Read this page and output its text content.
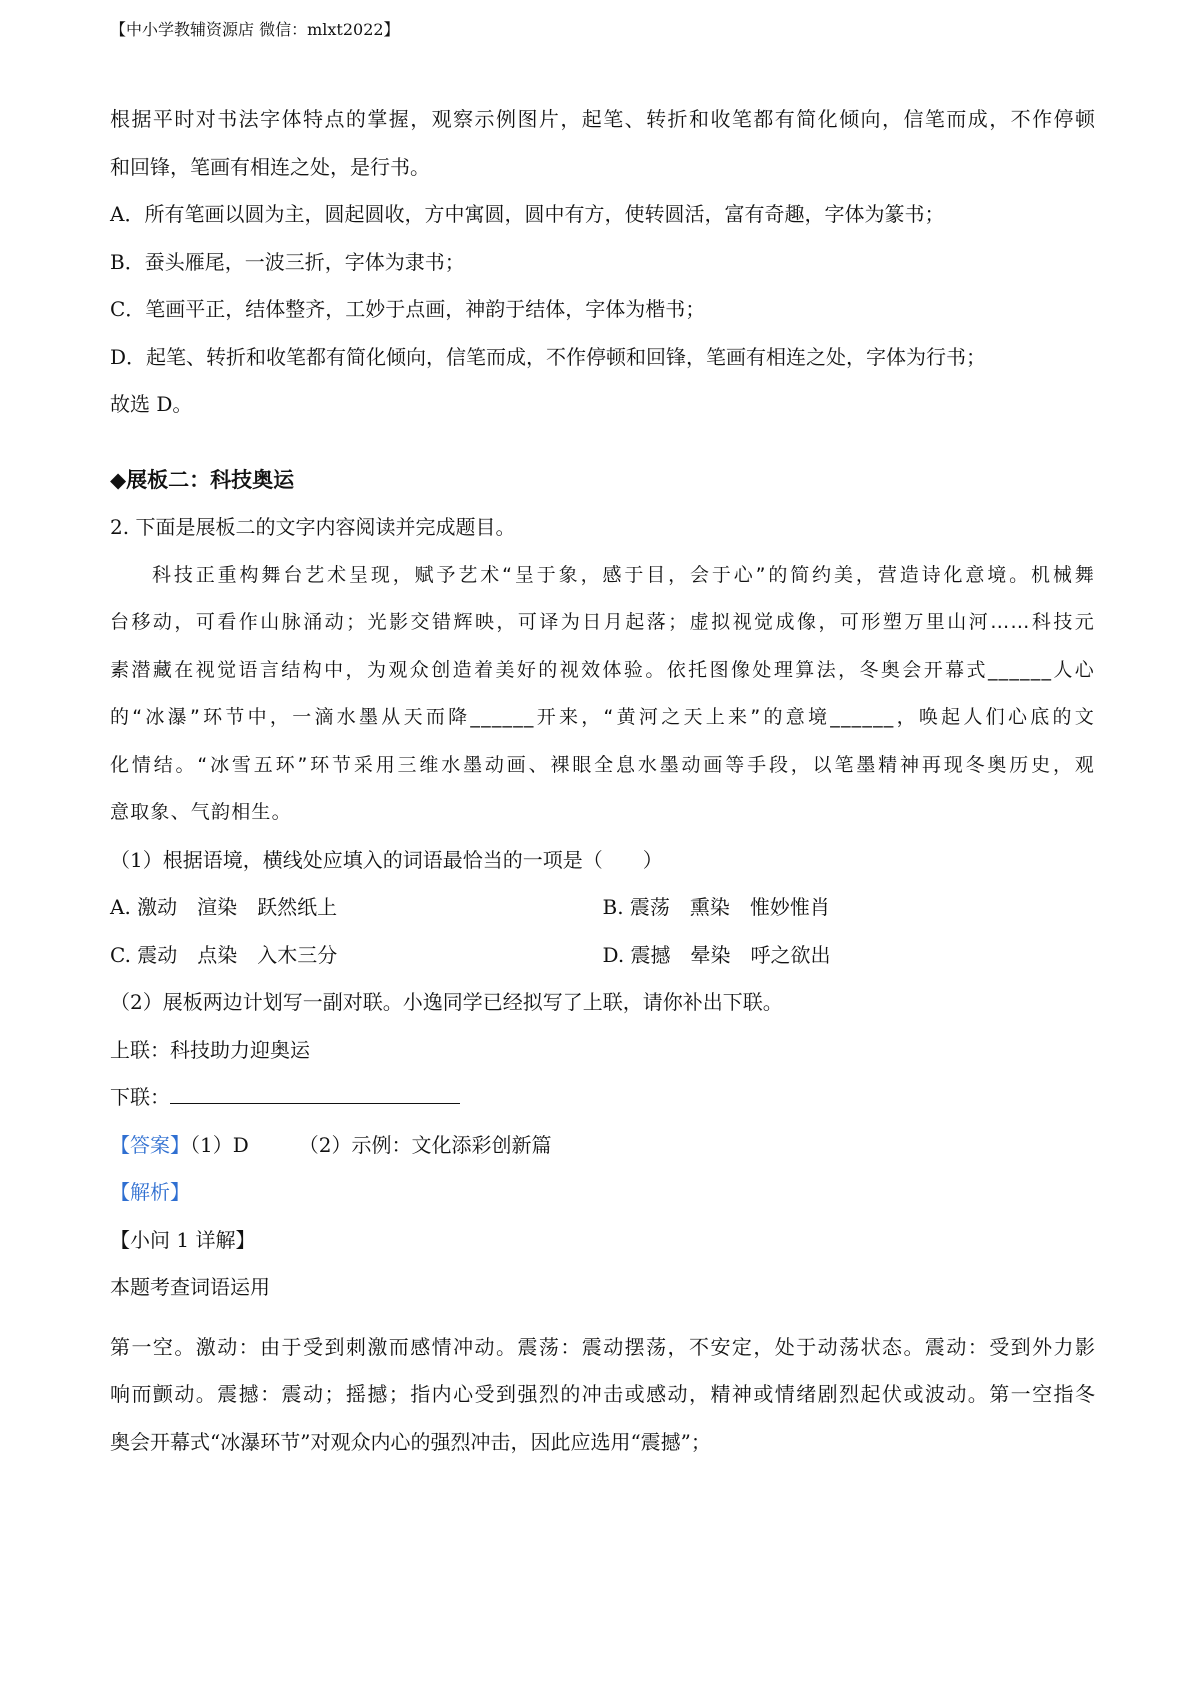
【中小学教辅资源店 微信：mlxt2022】

根据平时对书法字体特点的掌握，观察示例图片，起笔、转折和收笔都有简化倾向，信笔而成，不作停顿

和回锋，笔画有相连之处，是行书。

A．所有笔画以圆为主，圆起圆收，方中寓圆，圆中有方，使转圆活，富有奇趣，字体为篆书；

B．蚕头雁尾，一波三折，字体为隶书；

C．笔画平正，结体整齐，工妙于点画，神韵于结体，字体为楷书；

D．起笔、转折和收笔都有简化倾向，信笔而成，不作停顿和回锋，笔画有相连之处，字体为行书；

故选 D。

◆展板二：科技奥运

2. 下面是展板二的文字内容阅读并完成题目。

科技正重构舞台艺术呈现，赋予艺术“呈于象，感于目，会于心”的简约美，营造诗化意境。机械舞

台移动，可看作山脉涌动；光影交错辉映，可译为日月起落；虚拟视觉成像，可形塑万里山河……科技元

素潜藏在视觉语言结构中，为观众创造着美好的视效体验。依托图像处理算法，冬奥会开幕式______人心

的“冰瀑”环节中，一滴水墨从天而降______开来，“黄河之天上来”的意境______，唤起人们心底的文

化情结。“冰雪五环”环节采用三维水墨动画、裸眼全息水墨动画等手段，以笔墨精神再现冬奥历史，观

意取象、气韵相生。

（1）根据语境，横线处应填入的词语最恰当的一项是（　　）

A. 激动　渲染　跃然纸上	B. 震荡　熏染　惟妙惟肖
C. 震动　点染　入木三分	D. 震撼　晕染　呼之欲出

（2）展板两边计划写一副对联。小逸同学已经拟写了上联，请你补出下联。

上联：科技助力迎奥运

下联：

【答案】（1）D　　　（2）示例：文化添彩创新篇

【解析】

【小问 1 详解】

本题考查词语运用

第一空。激动：由于受到刺激而感情冲动。震荡：震动摆荡，不安定，处于动荡状态。震动：受到外力影

响而颤动。震撼：震动；摇撼；指内心受到强烈的冲击或感动，精神或情绪剧烈起伏或波动。第一空指冬

奥会开幕式“冰瀑环节”对观众内心的强烈冲击，因此应选用“震撼”；
